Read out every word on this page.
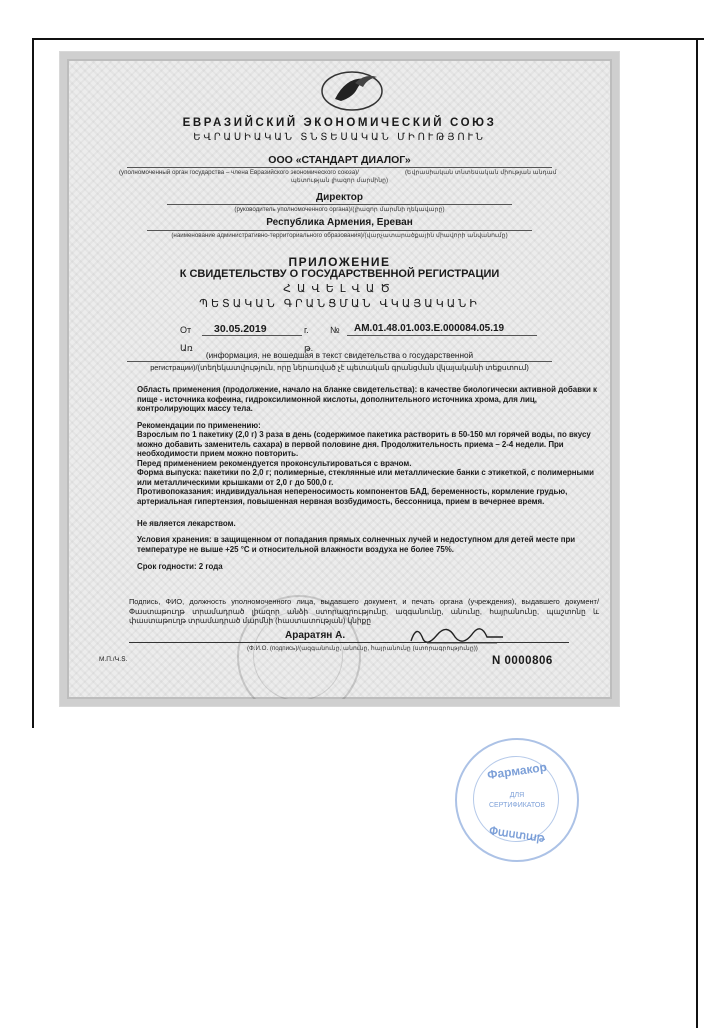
ЕВРАЗИЙСКИЙ ЭКОНОМИЧЕСКИЙ СОЮЗ
ԵՎՐԱՍԻԱԿԱՆ ՏՆՏԵՍԱԿԱՆ ՄԻՈՒԹՅՈՒՆ
ООО «СТАНДАРТ ДИАЛОГ»
(уполномоченный орган государства – члена Евразийского экономического союза)/	(Եվրասիական տնտեսական միության անդամ
պետության լիազոր մարմինը)
Директор
(руководитель уполномоченного органа)/(լիազոր մարմնի ղեկավարը)
Республика Армения, Ереван
(наименование административно-территориального образования)/(վարչատարածքային միավորի անվանումը)
ПРИЛОЖЕНИЕ
К СВИДЕТЕЛЬСТВУ О ГОСУДАРСТВЕННОЙ РЕГИСТРАЦИИ
ՀԱՎԵԼՎԱԾ
ՊԵՏԱԿԱՆ ԳՐԱՆՑՄԱՆ ՎԿԱՅԱԿԱՆԻ
От 30.05.2019	г. № AM.01.48.01.003.E.000084.05.19
Առ	թ.
(информация, не вошедшая в текст свидетельства о государственной
регистрации)/(տեղեկատվություն, որը ներառված չէ պետական գրանցման վկայականի տեքստում)
Область применения (продолжение, начало на бланке свидетельства): в качестве биологически активной добавки к пище - источника кофеина, гидроксилимонной кислоты, дополнительного источника хрома, для лиц, контролирующих массу тела.
Рекомендации по применению:
Взрослым по 1 пакетику (2,0 г) 3 раза в день (содержимое пакетика растворить в 50-150 мл горячей воды, по вкусу можно добавить заменитель сахара) в первой половине дня. Продолжительность приема – 2-4 недели. При необходимости прием можно повторить.
Перед применением рекомендуется проконсультироваться с врачом.
Форма выпуска: пакетики по 2,0 г; полимерные, стеклянные или металлические банки с этикеткой, с полимерными или металлическими крышками от 2,0 г до 500,0 г.
Противопоказания: индивидуальная непереносимость компонентов БАД, беременность, кормление грудью, артериальная гипертензия, повышенная нервная возбудимость, бессонница, прием в вечернее время.
Не является лекарством.
Условия хранения: в защищенном от попадания прямых солнечных лучей и недоступном для детей месте при температуре не выше +25 °С и относительной влажности воздуха не более 75%.
Срок годности: 2 года
Подпись, ФИО, должность уполномоченного лица, выдавшего документ, и печать органа (учреждения), выдавшего документ/Փաստաթուղթ տրամադրած լիազոր անձի ստորագրությունը, ազգանունը, անունը, հայրանունը, պաշտոնը և փաստաթուղթ տրամադրած մարմնի (հաստատության) կնիքը
Араратян А.
(Ф.И.О. (подпись)/(ազգանունը, անունը, հայրանունը (ստորագրությունը))
М.П./Կ.Տ.	N 0000806
Фармакор
ДЛЯ
СЕРТИФИКАТОВ
Փաստաթ
